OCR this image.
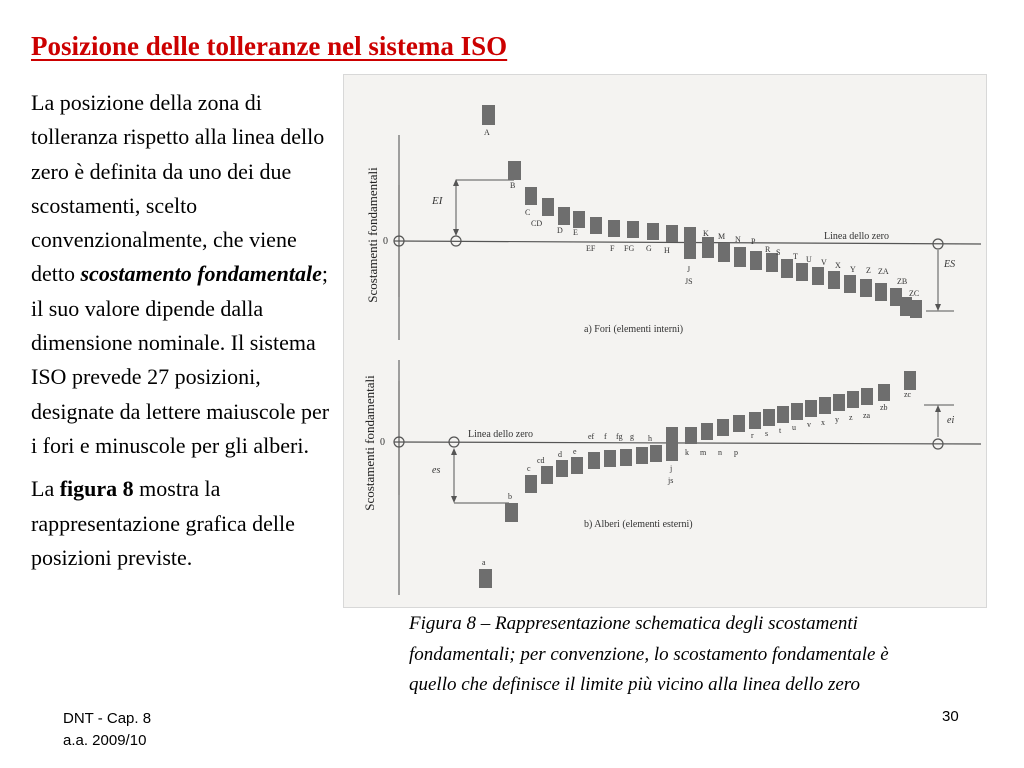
Posizione delle tolleranze nel sistema ISO

La posizione della zona di tolleranza rispetto alla linea dello zero è definita da uno dei due scostamenti, scelto convenzionalmente, che viene detto scostamento fondamentale; il suo valore dipende dalla dimensione nominale. Il sistema ISO prevede 27 posizioni, designate da lettere maiuscole per i fori e minuscole per gli alberi.

La figura 8 mostra la rappresentazione grafica delle posizioni previste.

Scostamenti fondamentali 0	Linea dello zero
a) Fori (elementi interni)
EI
ES
A
B
C
CD
D E
EF F FG G H
J
JS
K M N P
R S T U V X Y Z ZA
ZB
ZC
Scostamenti fondamentali 0
Linea dello zero
b) Alberi (elementi esterni)
es
ei
a
b
c
cd
d e
ef f fg g h
j
js
k m n p
r s t u v x y z za
zb
zc
Figura 8 – Rappresentazione schematica degli scostamenti fondamentali; per convenzione, lo scostamento fondamentale è quello che definisce il limite più vicino alla linea dello zero
DNT - Cap. 8
a.a. 2009/10
30
